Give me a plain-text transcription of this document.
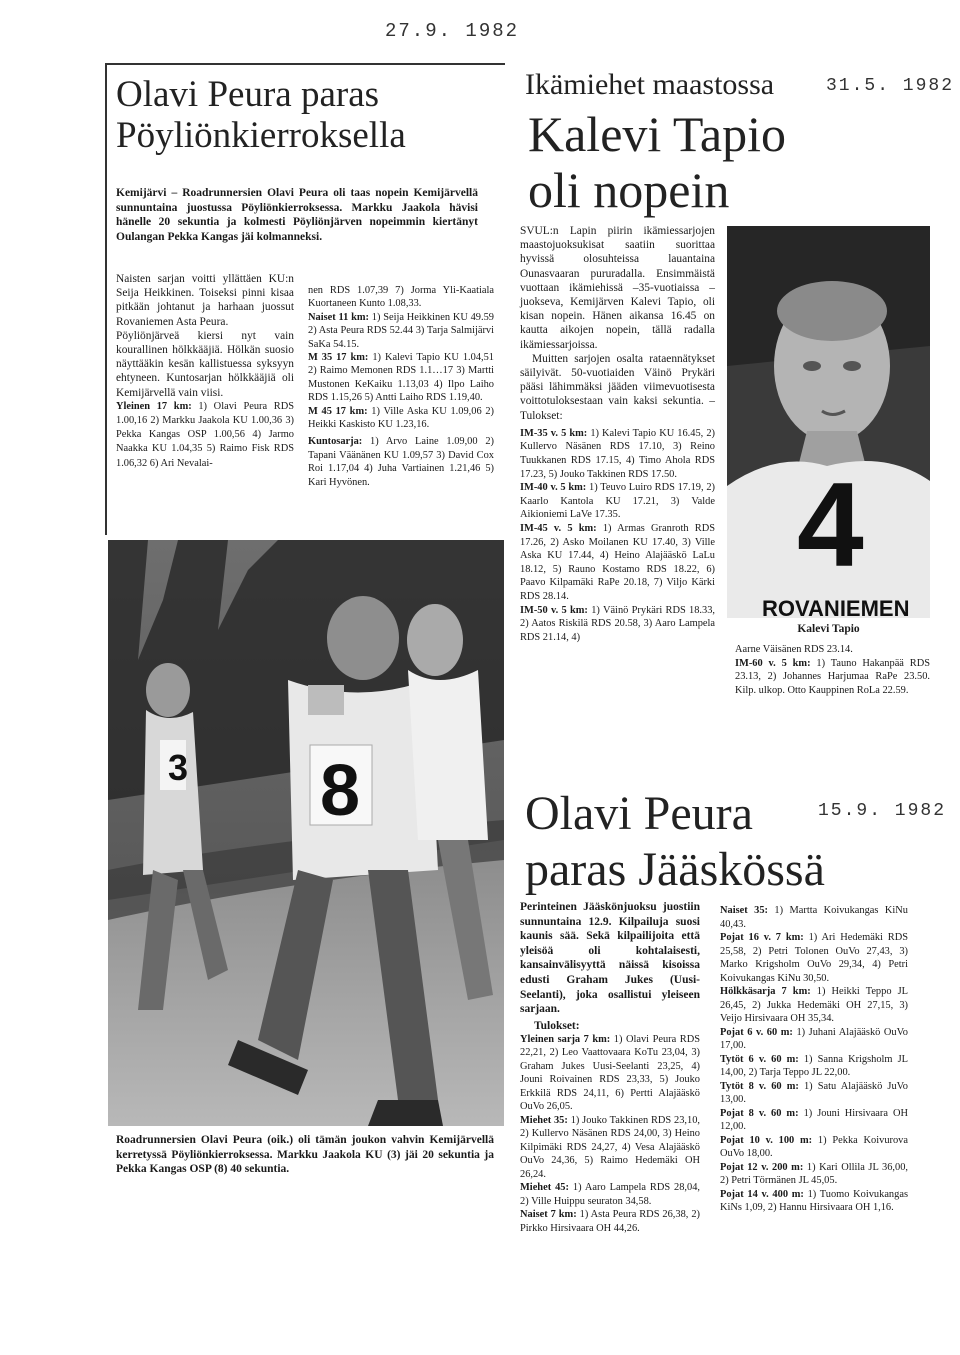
27.9. 1982
Olavi Peura paras
Pöyliönkierroksella
Kemijärvi – Roadrunnersien Olavi Peura oli taas nopein Kemijärvellä sunnuntaina juostussa Pöyliönkierroksessa. Markku Jaakola hävisi hänelle 20 sekuntia ja kolmesti Pöyliönjärven nopeimmin kiertänyt Oulangan Pekka Kangas jäi kolmanneksi.

Naisten sarjan voitti yllättäen KU:n Seija Heikkinen. Toiseksi pinni kisaa pitkään johtanut ja harhaan juossut Rovaniemen Asta Peura.

Pöyliönjärveä kiersi nyt vain kourallinen hölkkääjiä. Hölkän suosio näyttääkin kesän kallistuessa syksyyn ehtyneen. Kuntosarjan hölkkääjiä oli Kemijärvellä vain viisi.

Yleinen 17 km: 1) Olavi Peura RDS 1.00,16 2) Markku Jaakola KU 1.00,36 3) Pekka Kangas OSP 1.00,56 4) Jarmo Naakka KU 1.04,35 5) Raimo Fisk RDS 1.06,32 6) Ari Nevalai-

nen RDS 1.07,39 7) Jorma Yli-Kaatiala Kuortaneen Kunto 1.08,33.

Naiset 11 km: 1) Seija Heikkinen KU 49.59 2) Asta Peura RDS 52.44 3) Tarja Salmijärvi SaKa 54.15.

M 35 17 km: 1) Kalevi Tapio KU 1.04,51 2) Raimo Memonen RDS 1.1…17 3) Martti Mustonen KeKaiku 1.13,03 4) Ilpo Laiho RDS 1.15,26 5) Antti Laiho RDS 1.19,40.

M 45 17 km: 1) Ville Aska KU 1.09,06 2) Heikki Kaskisto KU 1.23,16.

Kuntosarja: 1) Arvo Laine 1.09,00 2) Tapani Väänänen KU 1.09,57 3) David Cox Roi 1.17,04 4) Juha Vartiainen 1.21,46 5) Kari Hyvönen.

3 8
Roadrunnersien Olavi Peura (oik.) oli tämän joukon vahvin Kemijärvellä kerretyssä Pöyliönkierroksessa. Markku Jaakola KU (3) jäi 20 sekuntia ja Pekka Kangas OSP (8) 40 sekuntia.
Ikämiehet maastossa	31.5. 1982
Kalevi Tapio
oli nopein

SVUL:n Lapin piirin ikämiessarjojen maastojuoksukisat saatiin suorittaa hyvissä olosuhteissa lauantaina Ounasvaaran pururadalla. Ensimmäistä vuottaan ikämiehissä –35-vuotiaissa – juokseva, Kemijärven Kalevi Tapio, oli kisan nopein. Hänen aikansa 16.45 on kautta aikojen nopein, tällä radalla ikämiessarjoissa.

Muitten sarjojen osalta rataennätykset säilyivät. 50-vuotiaiden Väinö Prykäri pääsi lähimmäksi jääden viimevuotisesta voittotuloksestaan vain kaksi sekuntia. – Tulokset:

IM-35 v. 5 km: 1) Kalevi Tapio KU 16.45, 2) Kullervo Näsänen RDS 17.10, 3) Reino Tuukkanen RDS 17.15, 4) Timo Ahola RDS 17.23, 5) Jouko Takkinen RDS 17.50.

IM-40 v. 5 km: 1) Teuvo Luiro RDS 17.19, 2) Kaarlo Kantola KU 17.21, 3) Valde Aikioniemi LaVe 17.35.

IM-45 v. 5 km: 1) Armas Granroth RDS 17.26, 2) Asko Moilanen KU 17.40, 3) Ville Aska KU 17.44, 4) Heino Alajääskö LaLu 18.12, 5) Rauno Kostamo RDS 18.22, 6) Paavo Kilpamäki RaPe 20.18, 7) Viljo Kärki RDS 28.14.

IM-50 v. 5 km: 1) Väinö Prykäri RDS 18.33, 2) Aatos Riskilä RDS 20.58, 3) Aaro Lampela RDS 21.14, 4)

4
ROVANIEMEN
Kalevi Tapio

Aarne Väisänen RDS 23.14.

IM-60 v. 5 km: 1) Tauno Hakanpää RDS 23.13, 2) Johannes Harjumaa RaPe 23.50. Kilp. ulkop. Otto Kauppinen RoLa 22.59.

Olavi Peura
paras Jääskössä
15.9. 1982

Perinteinen Jääskönjuoksu juostiin sunnuntaina 12.9. Kilpailuja suosi kaunis sää. Sekä kilpailijoita että yleisöä oli kohtalaisesti, kansainvälisyyttä näissä kisoissa edusti Graham Jukes (Uusi-Seelanti), joka osallistui yleiseen sarjaan.

Tulokset:

Yleinen sarja 7 km: 1) Olavi Peura RDS 22,21, 2) Leo Vaattovaara KoTu 23,04, 3) Graham Jukes Uusi-Seelanti 23,25, 4) Jouni Roivainen RDS 23,33, 5) Jouko Erkkilä RDS 24,11, 6) Pertti Alajääskö OuVo 26,05.

Miehet 35: 1) Jouko Takkinen RDS 23,10, 2) Kullervo Näsänen RDS 24,00, 3) Heino Kilpimäki RDS 24,27, 4) Vesa Alajääskö OuVo 24,36, 5) Raimo Hedemäki OH 26,24.

Miehet 45: 1) Aaro Lampela RDS 28,04, 2) Ville Huippu seuraton 34,58.

Naiset 7 km: 1) Asta Peura RDS 26,38, 2) Pirkko Hirsivaara OH 44,26.

Naiset 35: 1) Martta Koivukangas KiNu 40,43.

Pojat 16 v. 7 km: 1) Ari Hedemäki RDS 25,58, 2) Petri Tolonen OuVo 27,43, 3) Marko Krigsholm OuVo 29,34, 4) Petri Koivukangas KiNu 30,50.

Hölkkäsarja 7 km: 1) Heikki Teppo JL 26,45, 2) Jukka Hedemäki OH 27,15, 3) Veijo Hirsivaara OH 35,34.

Pojat 6 v. 60 m: 1) Juhani Alajääskö OuVo 17,00.

Tytöt 6 v. 60 m: 1) Sanna Krigsholm JL 14,00, 2) Tarja Teppo JL 22,00.

Tytöt 8 v. 60 m: 1) Satu Alajääskö JuVo 13,00.

Pojat 8 v. 60 m: 1) Jouni Hirsivaara OH 12,00.

Pojat 10 v. 100 m: 1) Pekka Koivurova OuVo 18,00.

Pojat 12 v. 200 m: 1) Kari Ollila JL 36,00, 2) Petri Törmänen JL 45,05.

Pojat 14 v. 400 m: 1) Tuomo Koivukangas KiNs 1,09, 2) Hannu Hirsivaara OH 1,16.
